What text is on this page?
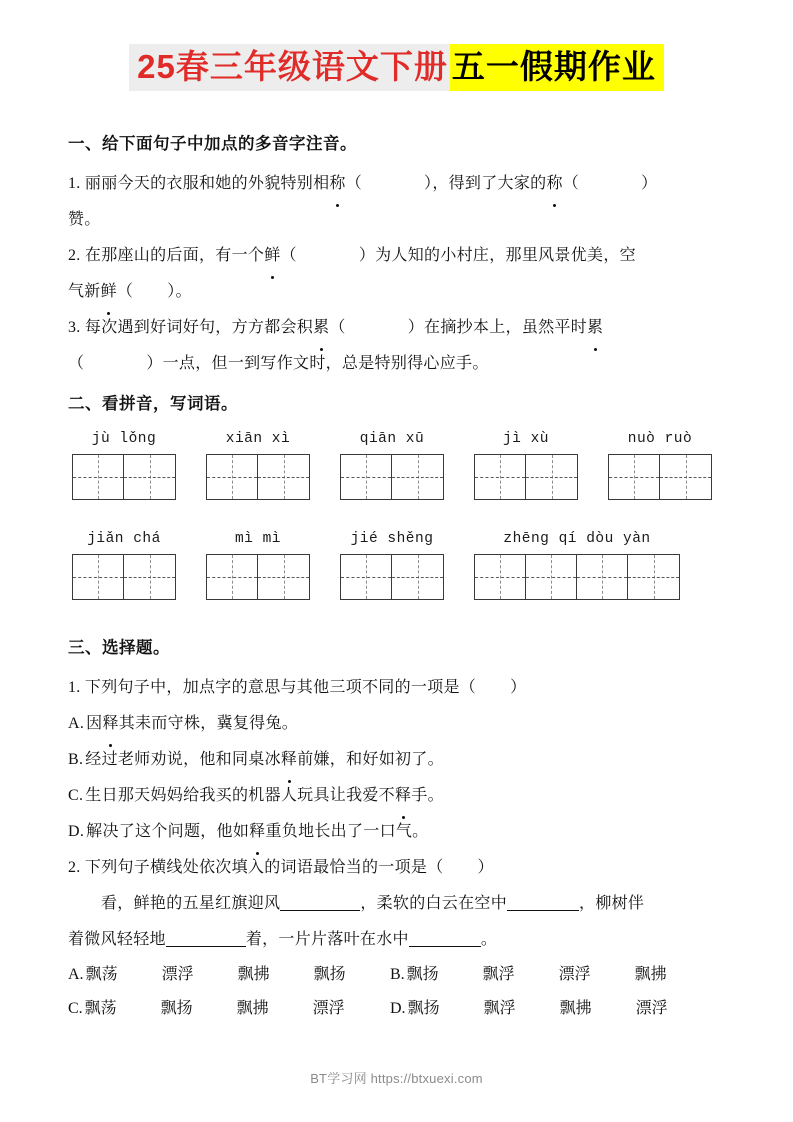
25春三年级语文下册 五一假期作业
一、给下面句子中加点的多音字注音。
1. 丽丽今天的衣服和她的外貌特别相称（	），得到了大家的称（	）
赞。
2. 在那座山的后面，有一个鲜（	）为人知的小村庄，那里风景优美，空
气新鲜（ ）。
3. 每次遇到好词好句，方方都会积累（	）在摘抄本上，虽然平时累
（	）一点，但一到写作文时，总是特别得心应手。
二、看拼音，写词语。
jù lǒng	xiān xì	qiān xū	jì xù	nuò ruò
jiǎn chá	mì mì	jié shěng	zhēng qí dòu yàn
三、选择题。
1. 下列句子中，加点字的意思与其他三项不同的一项是（ ）
A. 因释其耒而守株，冀复得兔。
B. 经过老师劝说，他和同桌冰释前嫌，和好如初了。
C. 生日那天妈妈给我买的机器人玩具让我爱不释手。
D. 解决了这个问题，他如释重负地长出了一口气。
2. 下列句子横线处依次填入的词语最恰当的一项是（ ）
看，鲜艳的五星红旗迎风	，柔软的白云在空中	，柳树伴
着微风轻轻地	着，一片片落叶在水中	。
A. 飘荡	漂浮	飘拂	飘扬	B. 飘扬	飘浮	漂浮	飘拂
C. 飘荡	飘扬	飘拂	漂浮	D. 飘扬	飘浮	飘拂	漂浮
BT学习网 https://btxuexi.com
